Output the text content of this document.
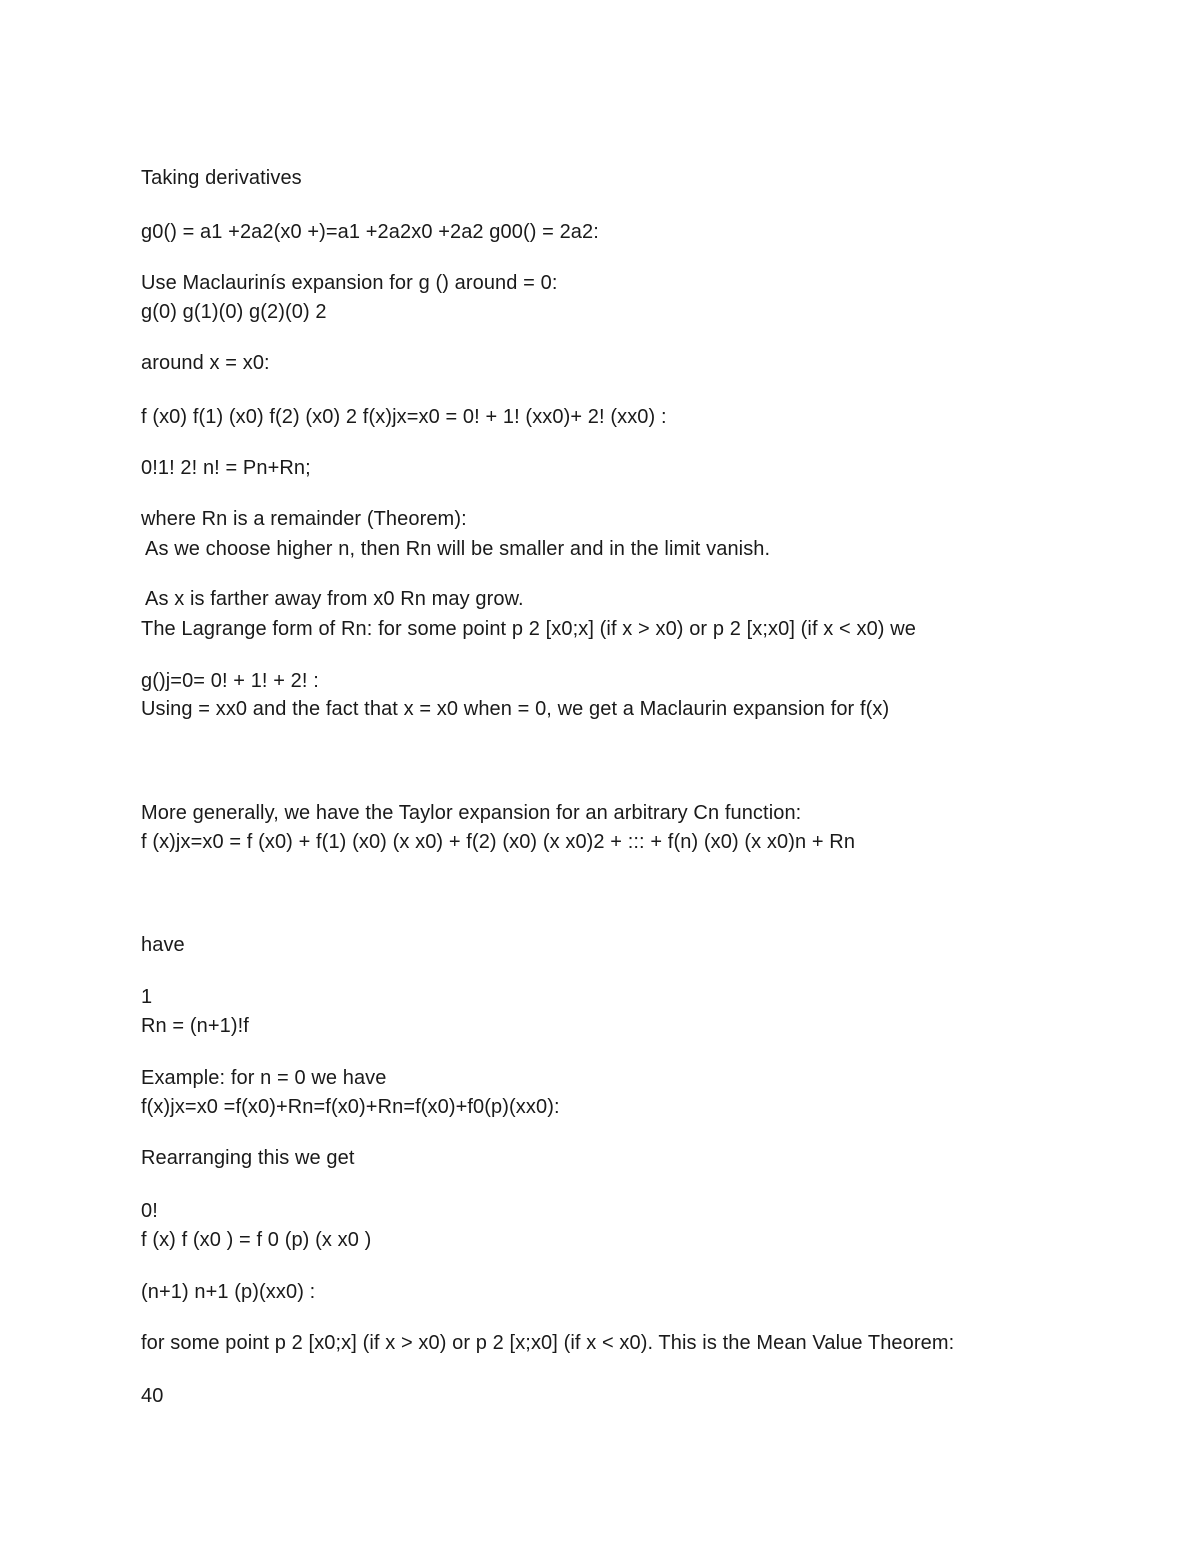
Taking derivatives
g0() = a1 +2a2(x0 +)=a1 +2a2x0 +2a2 g00() = 2a2:
Use Maclaurinís expansion for g () around = 0:
g(0) g(1)(0) g(2)(0) 2
around x = x0:
f (x0) f(1) (x0) f(2) (x0) 2 f(x)jx=x0 = 0! + 1! (xx0)+ 2! (xx0) :
0!1! 2! n! = Pn+Rn;
where Rn is a remainder (Theorem):
As we choose higher n, then Rn will be smaller and in the limit vanish.
As x is farther away from x0 Rn may grow.
The Lagrange form of Rn: for some point p 2 [x0;x] (if x > x0) or p 2 [x;x0] (if x < x0) we
g()j=0= 0! + 1! + 2! :
Using = xx0 and the fact that x = x0 when = 0, we get a Maclaurin expansion for f(x)
More generally, we have the Taylor expansion for an arbitrary Cn function:
f (x)jx=x0 = f (x0) + f(1) (x0) (x x0) + f(2) (x0) (x x0)2 + ::: + f(n) (x0) (x x0)n + Rn
have
1
Rn = (n+1)!f
Example: for n = 0 we have
f(x)jx=x0 =f(x0)+Rn=f(x0)+Rn=f(x0)+f0(p)(xx0):
Rearranging this we get
0!
f (x) f (x0 ) = f 0 (p) (x x0 )
(n+1) n+1 (p)(xx0) :
for some point p 2 [x0;x] (if x > x0) or p 2 [x;x0] (if x < x0). This is the Mean Value Theorem:
40
